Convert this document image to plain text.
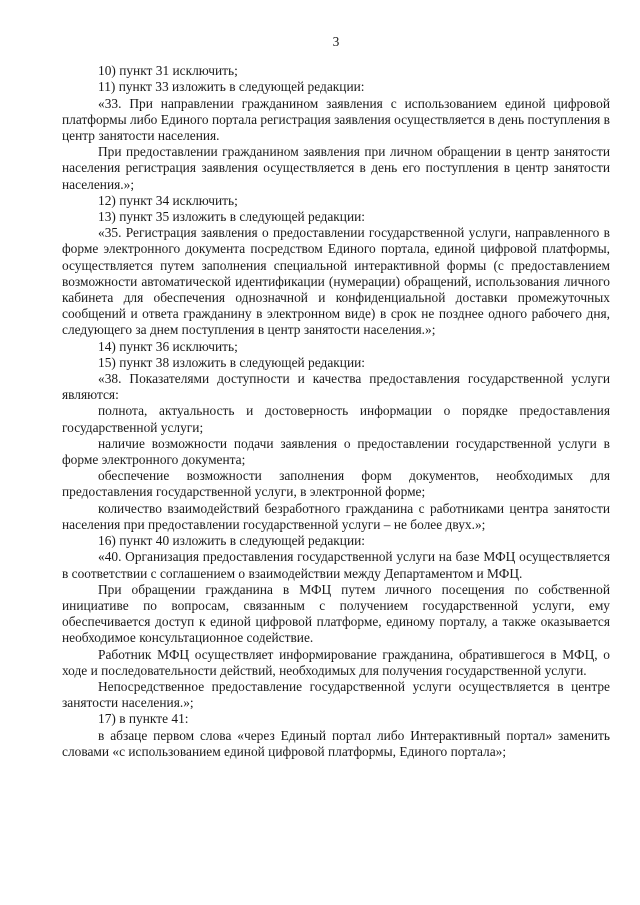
3

10) пункт 31 исключить;

11) пункт 33 изложить в следующей редакции:

«33. При направлении гражданином заявления с использованием единой цифровой платформы либо Единого портала регистрация заявления осуществляется в день поступления в центр занятости населения.

При предоставлении гражданином заявления при личном обращении в центр занятости населения регистрация заявления осуществляется в день его поступления в центр занятости населения.»;

12) пункт 34 исключить;

13) пункт 35 изложить в следующей редакции:

«35. Регистрация заявления о предоставлении государственной услуги, направленного в форме электронного документа посредством Единого портала, единой цифровой платформы, осуществляется путем заполнения специальной интерактивной формы (с предоставлением возможности автоматической идентификации (нумерации) обращений, использования личного кабинета для обеспечения однозначной и конфиденциальной доставки промежуточных сообщений и ответа гражданину в электронном виде) в срок не позднее одного рабочего дня, следующего за днем поступления в центр занятости населения.»;

14) пункт 36 исключить;

15) пункт 38 изложить в следующей редакции:

«38. Показателями доступности и качества предоставления государственной услуги являются:

полнота, актуальность и достоверность информации о порядке предоставления государственной услуги;

наличие возможности подачи заявления о предоставлении государственной услуги в форме электронного документа;

обеспечение возможности заполнения форм документов, необходимых для предоставления государственной услуги, в электронной форме;

количество взаимодействий безработного гражданина с работниками центра занятости населения при предоставлении государственной услуги – не более двух.»;

16) пункт 40 изложить в следующей редакции:

«40. Организация предоставления государственной услуги на базе МФЦ осуществляется в соответствии с соглашением о взаимодействии между Департаментом и МФЦ.

При обращении гражданина в МФЦ путем личного посещения по собственной инициативе по вопросам, связанным с получением государственной услуги, ему обеспечивается доступ к единой цифровой платформе, единому порталу, а также оказывается необходимое консультационное содействие.

Работник МФЦ осуществляет информирование гражданина, обратившегося в МФЦ, о ходе и последовательности действий, необходимых для получения государственной услуги.

Непосредственное предоставление государственной услуги осуществляется в центре занятости населения.»;

17) в пункте 41:

в абзаце первом слова «через Единый портал либо Интерактивный портал» заменить словами «с использованием единой цифровой платформы, Единого портала»;
